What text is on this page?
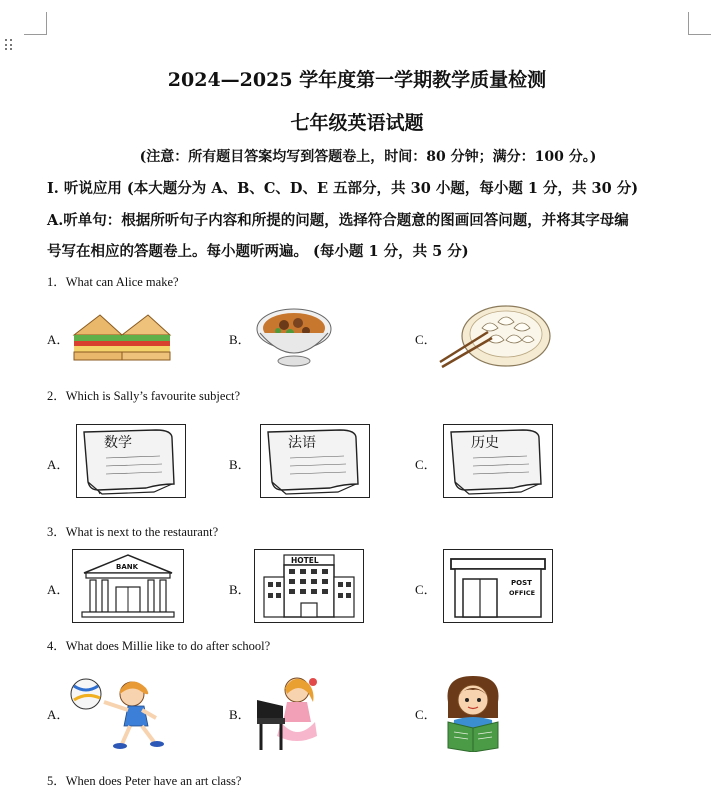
2024—2025 学年度第一学期教学质量检测
七年级英语试题
(注意：所有题目答案均写到答题卷上，时间：80 分钟；满分：100 分。)
I. 听说应用 (本大题分为 A、B、C、D、E 五部分，共 30 小题，每小题 1 分，共 30 分)
A.听单句：根据所听句子内容和所提的问题，选择符合题意的图画回答问题，并将其字母编
号写在相应的答题卷上。每小题听两遍。 (每小题 1 分，共 5 分)
1．What can Alice make?
A．	B．	C．
2．Which is Sally’s favourite subject?
A．	B．	C．
数学	法语	历史
3．What is next to the restaurant?
A．	B．	C．
BANK
HOTEL
POST
OFFICE
4．What does Millie like to do after school?
A．	B．	C．
5．When does Peter have an art class?
